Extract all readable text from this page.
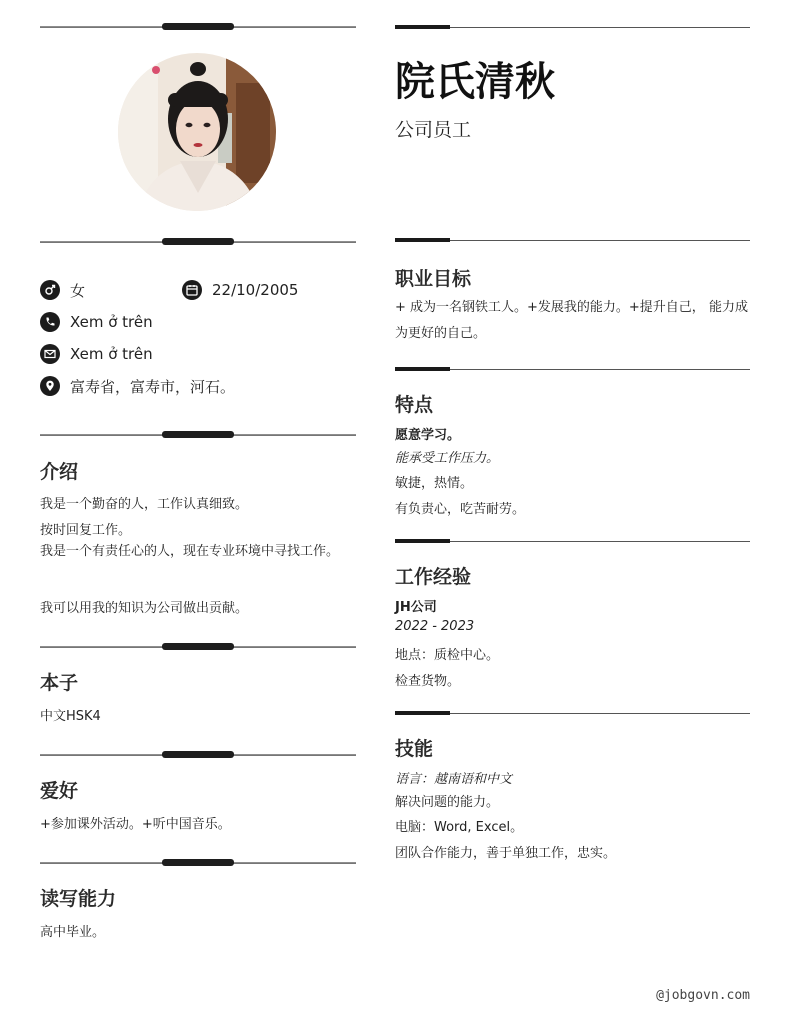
女	22/10/2005
Xem ở trên
Xem ở trên
富寿省，富寿市，河石。
介绍
我是一个勤奋的人，工作认真细致。
按时回复工作。
我是一个有责任心的人，现在专业环境中寻找工作。
我可以用我的知识为公司做出贡献。
本子
中文HSK4
爱好
+参加课外活动。+听中国音乐。
读写能力
高中毕业。
院氏清秋
公司员工
职业目标
+ 成为一名钢铁工人。+发展我的能力。+提升自己， 能力成为更好的自己。
特点
愿意学习。
能承受工作压力。
敏捷，热情。
有负责心，吃苦耐劳。
工作经验
JH公司
2022 - 2023
地点：质检中心。
检查货物。
技能
语言：越南语和中文
解决问题的能力。
电脑：Word, Excel。
团队合作能力，善于单独工作，忠实。
@jobgovn.com
